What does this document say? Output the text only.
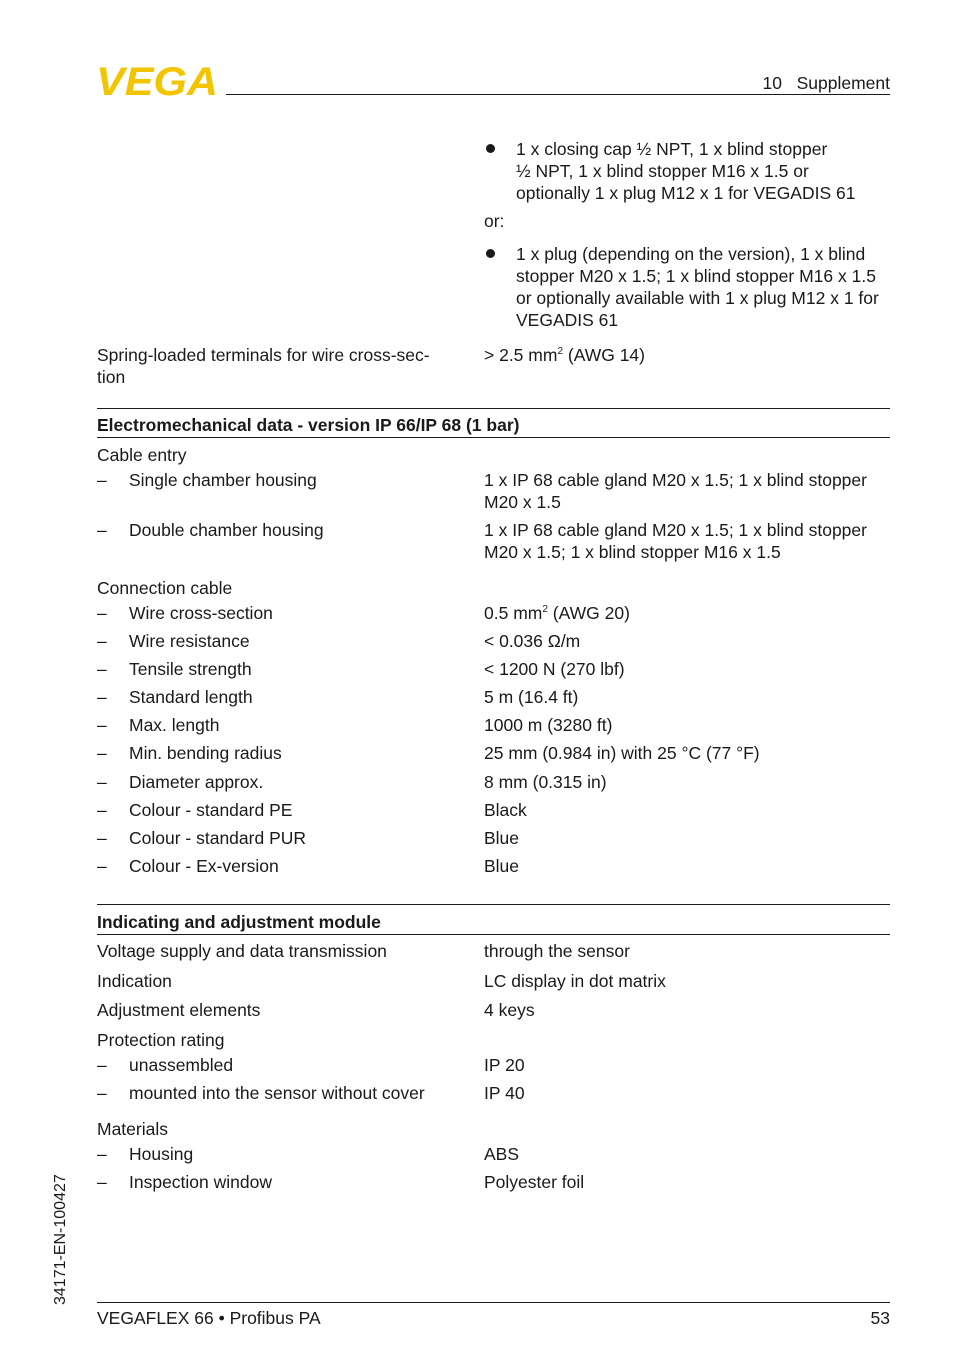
VEGA	10   Supplement
1 x closing cap ½ NPT, 1 x blind stopper
½ NPT, 1 x blind stopper M16 x 1.5 or
optionally 1 x plug M12 x 1 for VEGADIS 61
or:
1 x plug (depending on the version), 1 x blind
stopper M20 x 1.5; 1 x blind stopper M16 x 1.5
or optionally available with 1 x plug M12 x 1 for
VEGADIS 61
Spring-loaded terminals for wire cross-sec-
tion
> 2.5 $mm^2$ (AWG 14)
Electromechanical data - version IP 66/IP 68 (1 bar)
Cable entry
– Single chamber housing	1 x IP 68 cable gland M20 x 1.5; 1 x blind stopper
M20 x 1.5
– Double chamber housing	1 x IP 68 cable gland M20 x 1.5; 1 x blind stopper
M20 x 1.5; 1 x blind stopper M16 x 1.5
Connection cable
– Wire cross-section	0.5 $mm^2$ (AWG 20)
– Wire resistance	< 0.036 Ω/m
– Tensile strength	< 1200 N (270 lbf)
– Standard length	5 m (16.4 ft)
– Max. length	1000 m (3280 ft)
– Min. bending radius	25 mm (0.984 in) with 25 °C (77 °F)
– Diameter approx.	8 mm (0.315 in)
– Colour - standard PE	Black
– Colour - standard PUR	Blue
– Colour - Ex-version	Blue
Indicating and adjustment module
Voltage supply and data transmission	through the sensor
Indication	LC display in dot matrix
Adjustment elements	4 keys
Protection rating
– unassembled	IP 20
– mounted into the sensor without cover	IP 40
Materials
– Housing	ABS
– Inspection window	Polyester foil
34171-EN-100427
VEGAFLEX 66 • Profibus PA	53
